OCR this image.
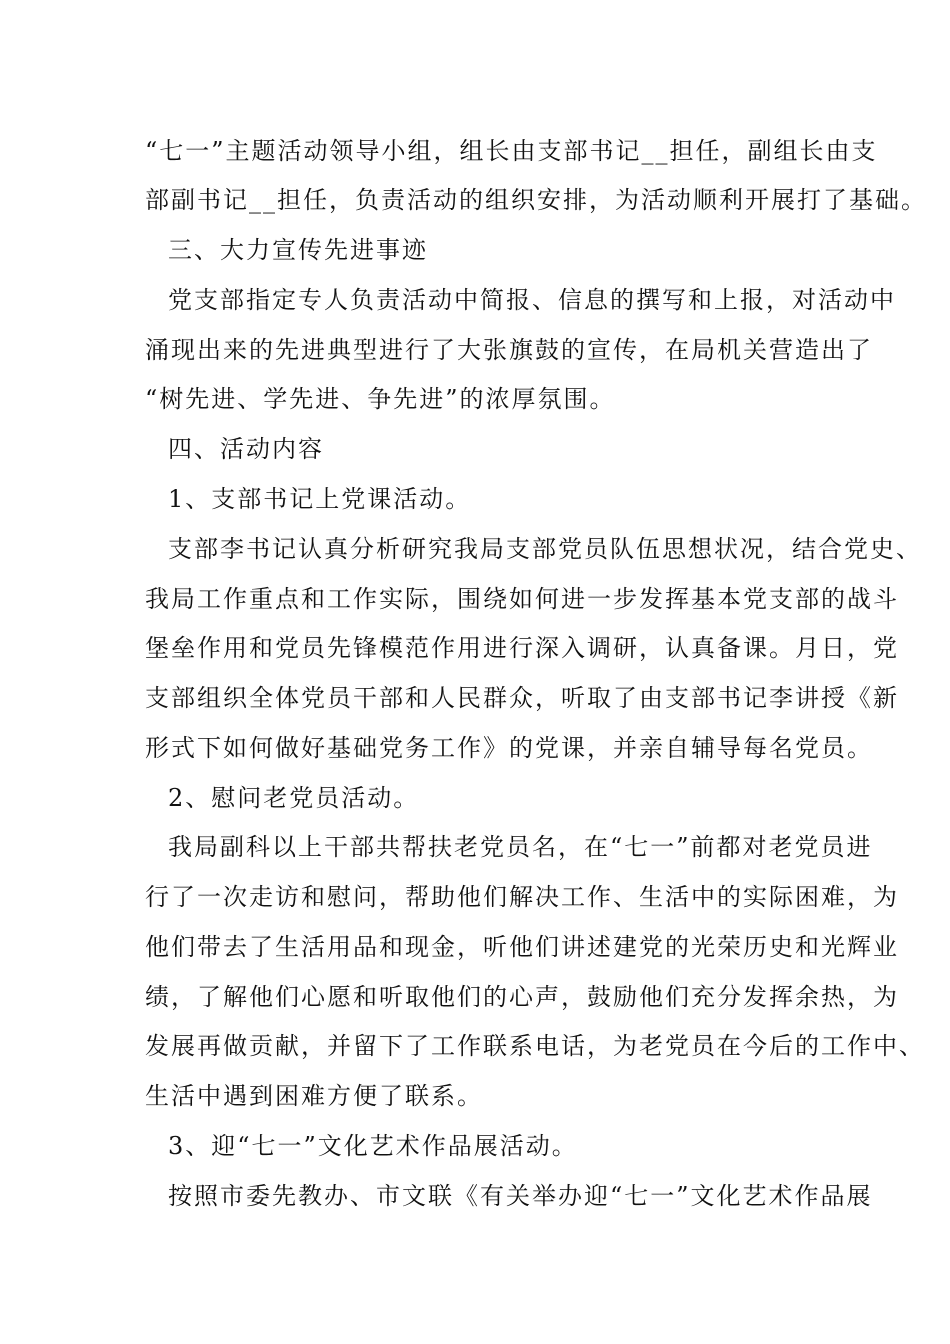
“七一”主题活动领导小组，组长由支部书记__担任，副组长由支
部副书记__担任，负责活动的组织安排，为活动顺利开展打了基础。
三、大力宣传先进事迹
党支部指定专人负责活动中简报、信息的撰写和上报，对活动中
涌现出来的先进典型进行了大张旗鼓的宣传，在局机关营造出了
“树先进、学先进、争先进”的浓厚氛围。
四、活动内容
1、支部书记上党课活动。
支部李书记认真分析研究我局支部党员队伍思想状况，结合党史、
我局工作重点和工作实际，围绕如何进一步发挥基本党支部的战斗
堡垒作用和党员先锋模范作用进行深入调研，认真备课。月日，党
支部组织全体党员干部和人民群众，听取了由支部书记李讲授《新
形式下如何做好基础党务工作》的党课，并亲自辅导每名党员。
2、慰问老党员活动。
我局副科以上干部共帮扶老党员名，在“七一”前都对老党员进
行了一次走访和慰问，帮助他们解决工作、生活中的实际困难，为
他们带去了生活用品和现金，听他们讲述建党的光荣历史和光辉业
绩，了解他们心愿和听取他们的心声，鼓励他们充分发挥余热，为
发展再做贡献，并留下了工作联系电话，为老党员在今后的工作中、
生活中遇到困难方便了联系。
3、迎“七一”文化艺术作品展活动。
按照市委先教办、市文联《有关举办迎“七一”文化艺术作品展
